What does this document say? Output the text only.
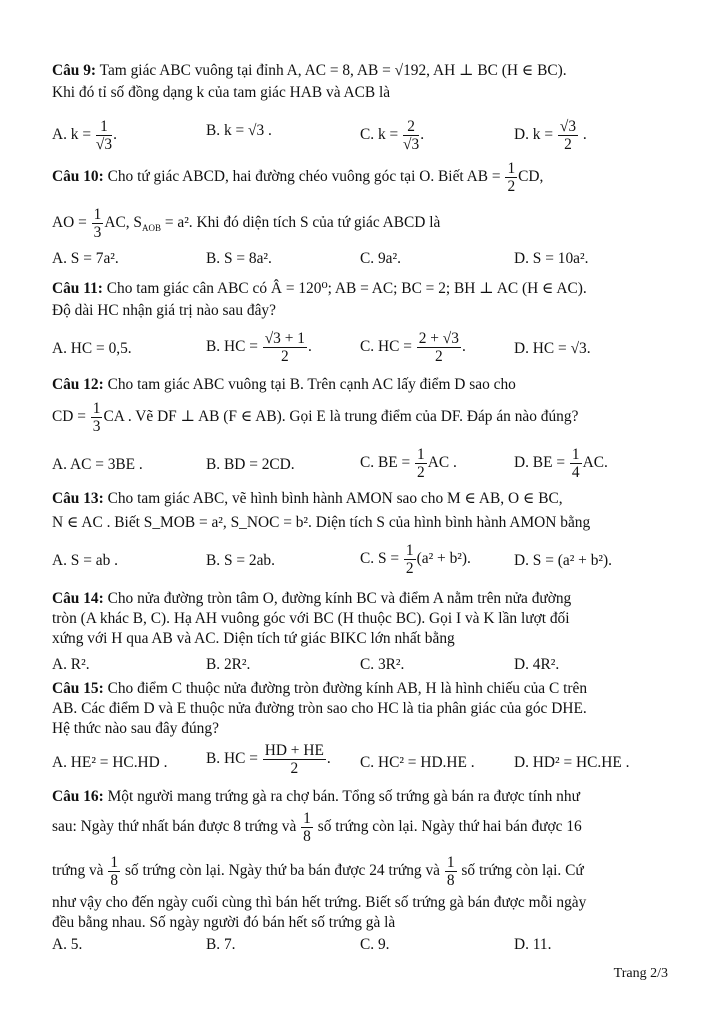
Câu 9: Tam giác ABC vuông tại đỉnh A, AC = 8, AB = √192, AH ⊥ BC (H ∈ BC).
Khi đó tỉ số đồng dạng k của tam giác HAB và ACB là
A. $k = \frac{1}{√3}$ .	B. k = √3 .	C. $k = \frac{2}{√3}$ .	D. $k = \frac{√3}{2}$ .
Câu 10: Cho tứ giác ABCD, hai đường chéo vuông góc tại O. Biết AB = $\frac{1}{2}$ CD,
AO = $\frac{1}{3}$ AC, $S_{AOB} = a^2$. Khi đó diện tích S của tứ giác ABCD là
A. S = 7a².	B. S = 8a².	C. 9a².	D. S = 10a².
Câu 11: Cho tam giác cân ABC có Â = 120⁰; AB = AC; BC = 2; BH ⊥ AC (H ∈ AC).
Độ dài HC nhận giá trị nào sau đây?
A. HC = 0,5.	B. HC = $\frac{√3 + 1}{2}$ .	C. HC = $\frac{2 + √3}{2}$ .	D. HC = √3.
Câu 12: Cho tam giác ABC vuông tại B. Trên cạnh AC lấy điểm D sao cho
CD = $\frac{1}{3}$ CA . Vẽ DF ⊥ AB (F ∈ AB). Gọi E là trung điểm của DF. Đáp án nào đúng?
A. AC = 3BE .	B. BD = 2CD.	C. BE = $\frac{1}{2}$ AC .	D. BE = $\frac{1}{4}$ AC.
Câu 13: Cho tam giác ABC, vẽ hình bình hành AMON sao cho M ∈ AB, O ∈ BC,
N ∈ AC . Biết S_MOB = a², S_NOC = b². Diện tích S của hình bình hành AMON bằng
A. S = ab .	B. S = 2ab.	C. $S = \frac{1}{2} (a^2 + b^2)$.	D. S = (a² + b²).
Câu 14: Cho nửa đường tròn tâm O, đường kính BC và điểm A nằm trên nửa đường
tròn (A khác B, C). Hạ AH vuông góc với BC (H thuộc BC). Gọi I và K lần lượt đối
xứng với H qua AB và AC. Diện tích tứ giác BIKC lớn nhất bằng
A. R².	B. 2R².	C. 3R².	D. 4R².
Câu 15: Cho điểm C thuộc nửa đường tròn đường kính AB, H là hình chiếu của C trên
AB. Các điểm D và E thuộc nửa đường tròn sao cho HC là tia phân giác của góc DHE.
Hệ thức nào sau đây đúng?
A. HE² = HC.HD .	B. HC = $\frac{HD + HE}{2}$ . C. HC² = HD.HE .	D. HD² = HC.HE .
Câu 16: Một người mang trứng gà ra chợ bán. Tổng số trứng gà bán ra được tính như
sau: Ngày thứ nhất bán được 8 trứng và $\frac{1}{8}$ số trứng còn lại. Ngày thứ hai bán được 16
trứng và $\frac{1}{8}$ số trứng còn lại. Ngày thứ ba bán được 24 trứng và $\frac{1}{8}$ số trứng còn lại. Cứ
như vậy cho đến ngày cuối cùng thì bán hết trứng. Biết số trứng gà bán được mỗi ngày
đều bằng nhau. Số ngày người đó bán hết số trứng gà là
A. 5.	B. 7.	C. 9.	D. 11.
Trang 2/3
